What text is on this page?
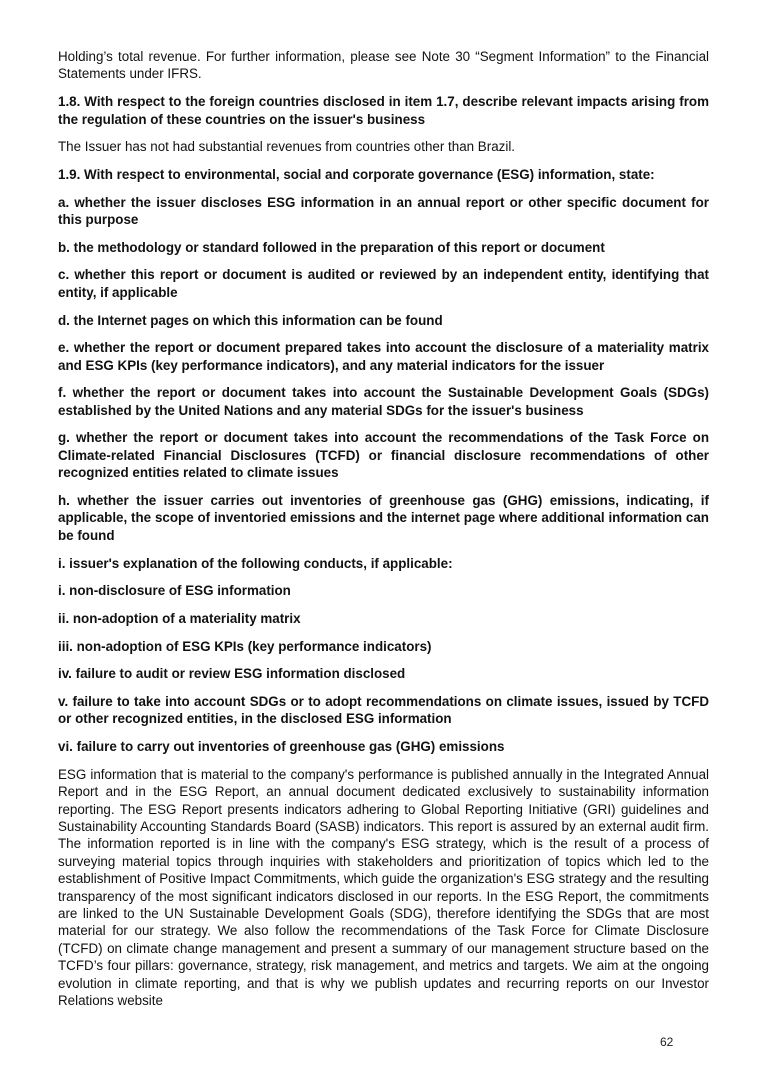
Holding’s total revenue. For further information, please see Note 30 “Segment Information” to the Financial Statements under IFRS.

1.8. With respect to the foreign countries disclosed in item 1.7, describe relevant impacts arising from the regulation of these countries on the issuer's business

The Issuer has not had substantial revenues from countries other than Brazil.

1.9. With respect to environmental, social and corporate governance (ESG) information, state:

a. whether the issuer discloses ESG information in an annual report or other specific document for this purpose

b. the methodology or standard followed in the preparation of this report or document

c. whether this report or document is audited or reviewed by an independent entity, identifying that entity, if applicable

d. the Internet pages on which this information can be found

e. whether the report or document prepared takes into account the disclosure of a materiality matrix and ESG KPIs (key performance indicators), and any material indicators for the issuer

f. whether the report or document takes into account the Sustainable Development Goals (SDGs) established by the United Nations and any material SDGs for the issuer's business

g. whether the report or document takes into account the recommendations of the Task Force on Climate-related Financial Disclosures (TCFD) or financial disclosure recommendations of other recognized entities related to climate issues

h. whether the issuer carries out inventories of greenhouse gas (GHG) emissions, indicating, if applicable, the scope of inventoried emissions and the internet page where additional information can be found

i. issuer's explanation of the following conducts, if applicable:

i. non-disclosure of ESG information

ii. non-adoption of a materiality matrix

iii. non-adoption of ESG KPIs (key performance indicators)

iv. failure to audit or review ESG information disclosed

v. failure to take into account SDGs or to adopt recommendations on climate issues, issued by TCFD or other recognized entities, in the disclosed ESG information

vi. failure to carry out inventories of greenhouse gas (GHG) emissions

ESG information that is material to the company's performance is published annually in the Integrated Annual Report and in the ESG Report, an annual document dedicated exclusively to sustainability information reporting. The ESG Report presents indicators adhering to Global Reporting Initiative (GRI) guidelines and Sustainability Accounting Standards Board (SASB) indicators. This report is assured by an external audit firm. The information reported is in line with the company's ESG strategy, which is the result of a process of surveying material topics through inquiries with stakeholders and prioritization of topics which led to the establishment of Positive Impact Commitments, which guide the organization's ESG strategy and the resulting transparency of the most significant indicators disclosed in our reports. In the ESG Report, the commitments are linked to the UN Sustainable Development Goals (SDG), therefore identifying the SDGs that are most material for our strategy. We also follow the recommendations of the Task Force for Climate Disclosure (TCFD) on climate change management and present a summary of our management structure based on the TCFD’s four pillars: governance, strategy, risk management, and metrics and targets. We aim at the ongoing evolution in climate reporting, and that is why we publish updates and recurring reports on our Investor Relations website

62
